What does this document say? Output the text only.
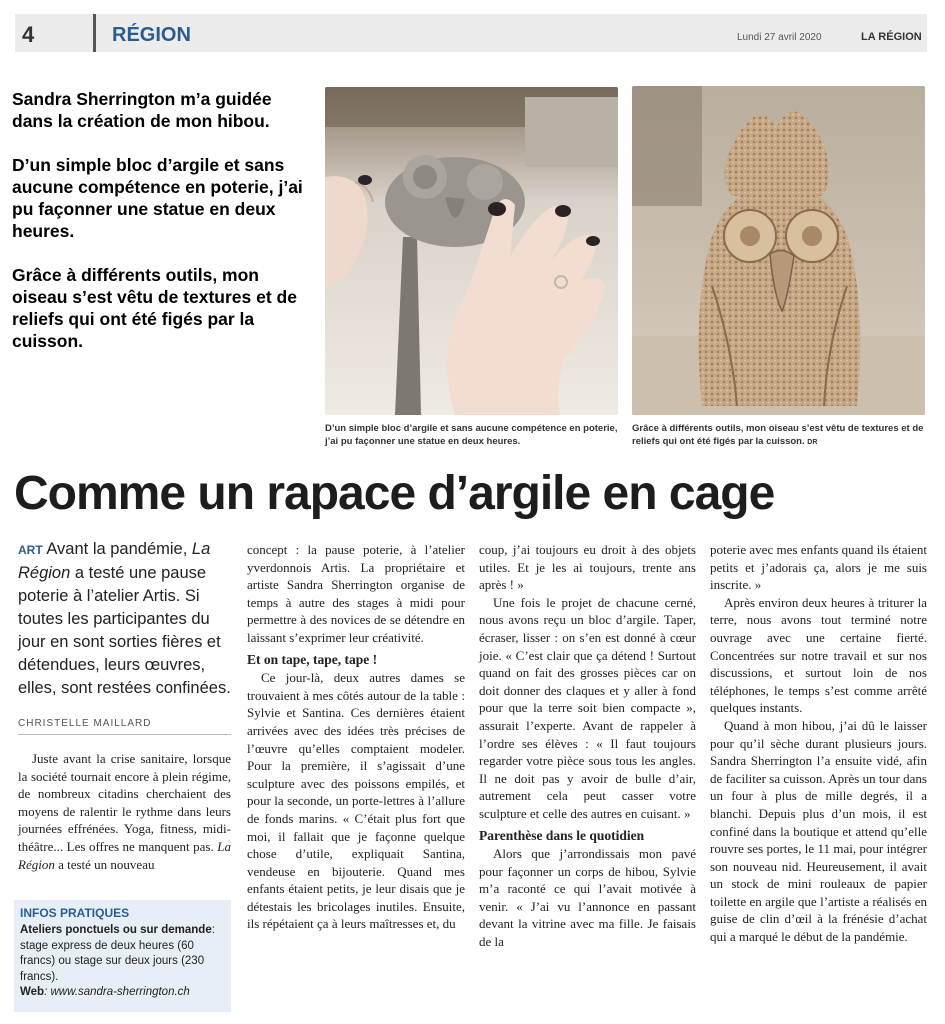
4	RÉGION	Lundi 27 avril 2020	LA RÉGION

Sandra Sherrington m’a guidée dans la création de mon hibou.

D’un simple bloc d’argile et sans aucune compétence en poterie, j’ai pu façonner une statue en deux heures.

Grâce à différents outils, mon oiseau s’est vêtu de textures et de reliefs qui ont été figés par la cuisson.

D’un simple bloc d’argile et sans aucune compétence en poterie, j’ai pu façonner une statue en deux heures.
Grâce à différents outils, mon oiseau s’est vêtu de textures et de reliefs qui ont été figés par la cuisson. DR
Comme un rapace d’argile en cage
ART Avant la pandémie, La Région a testé une pause poterie à l’atelier Artis. Si toutes les participantes du jour en sont sorties fières et détendues, leurs œuvres, elles, sont restées confinées.
CHRISTELLE MAILLARD

Juste avant la crise sanitaire, lorsque la société tournait encore à plein régime, de nombreux citadins cherchaient des moyens de ralentir le rythme dans leurs journées effrénées. Yoga, fitness, midi-théâtre... Les offres ne manquent pas. La Région a testé un nouveau

INFOS PRATIQUES
Ateliers ponctuels ou sur demande: stage express de deux heures (60 francs) ou stage sur deux jours (230 francs).
Web: www.sandra-sherrington.ch

concept : la pause poterie, à l’atelier yverdonnois Artis. La propriétaire et artiste Sandra Sherrington organise de temps à autre des stages à midi pour permettre à des novices de se détendre en laissant s’exprimer leur créativité.

Et on tape, tape, tape !

Ce jour-là, deux autres dames se trouvaient à mes côtés autour de la table : Sylvie et Santina. Ces dernières étaient arrivées avec des idées très précises de l’œuvre qu’elles comptaient modeler. Pour la première, il s’agissait d’une sculpture avec des poissons empilés, et pour la seconde, un porte-lettres à l’allure de fonds marins. « C’était plus fort que moi, il fallait que je façonne quelque chose d’utile, expliquait Santina, vendeuse en bijouterie. Quand mes enfants étaient petits, je leur disais que je détestais les bricolages inutiles. Ensuite, ils répétaient ça à leurs maîtresses et, du

coup, j’ai toujours eu droit à des objets utiles. Et je les ai toujours, trente ans après ! »

Une fois le projet de chacune cerné, nous avons reçu un bloc d’argile. Taper, écraser, lisser : on s’en est donné à cœur joie. « C’est clair que ça détend ! Surtout quand on fait des grosses pièces car on doit donner des claques et y aller à fond pour que la terre soit bien compacte », assurait l’experte. Avant de rappeler à l’ordre ses élèves : « Il faut toujours regarder votre pièce sous tous les angles. Il ne doit pas y avoir de bulle d’air, autrement cela peut casser votre sculpture et celle des autres en cuisant. »

Parenthèse dans le quotidien

Alors que j’arrondissais mon pavé pour façonner un corps de hibou, Sylvie m’a raconté ce qui l’avait motivée à venir. « J’ai vu l’annonce en passant devant la vitrine avec ma fille. Je faisais de la

poterie avec mes enfants quand ils étaient petits et j’adorais ça, alors je me suis inscrite. »

Après environ deux heures à triturer la terre, nous avons tout terminé notre ouvrage avec une certaine fierté. Concentrées sur notre travail et sur nos discussions, et surtout loin de nos téléphones, le temps s’est comme arrêté quelques instants.

Quand à mon hibou, j’ai dû le laisser pour qu’il sèche durant plusieurs jours. Sandra Sherrington l’a ensuite vidé, afin de faciliter sa cuisson. Après un tour dans un four à plus de mille degrés, il a blanchi. Depuis plus d’un mois, il est confiné dans la boutique et attend qu’elle rouvre ses portes, le 11 mai, pour intégrer son nouveau nid. Heureusement, il avait un stock de mini rouleaux de papier toilette en argile que l’artiste a réalisés en guise de clin d’œil à la frénésie d’achat qui a marqué le début de la pandémie.
